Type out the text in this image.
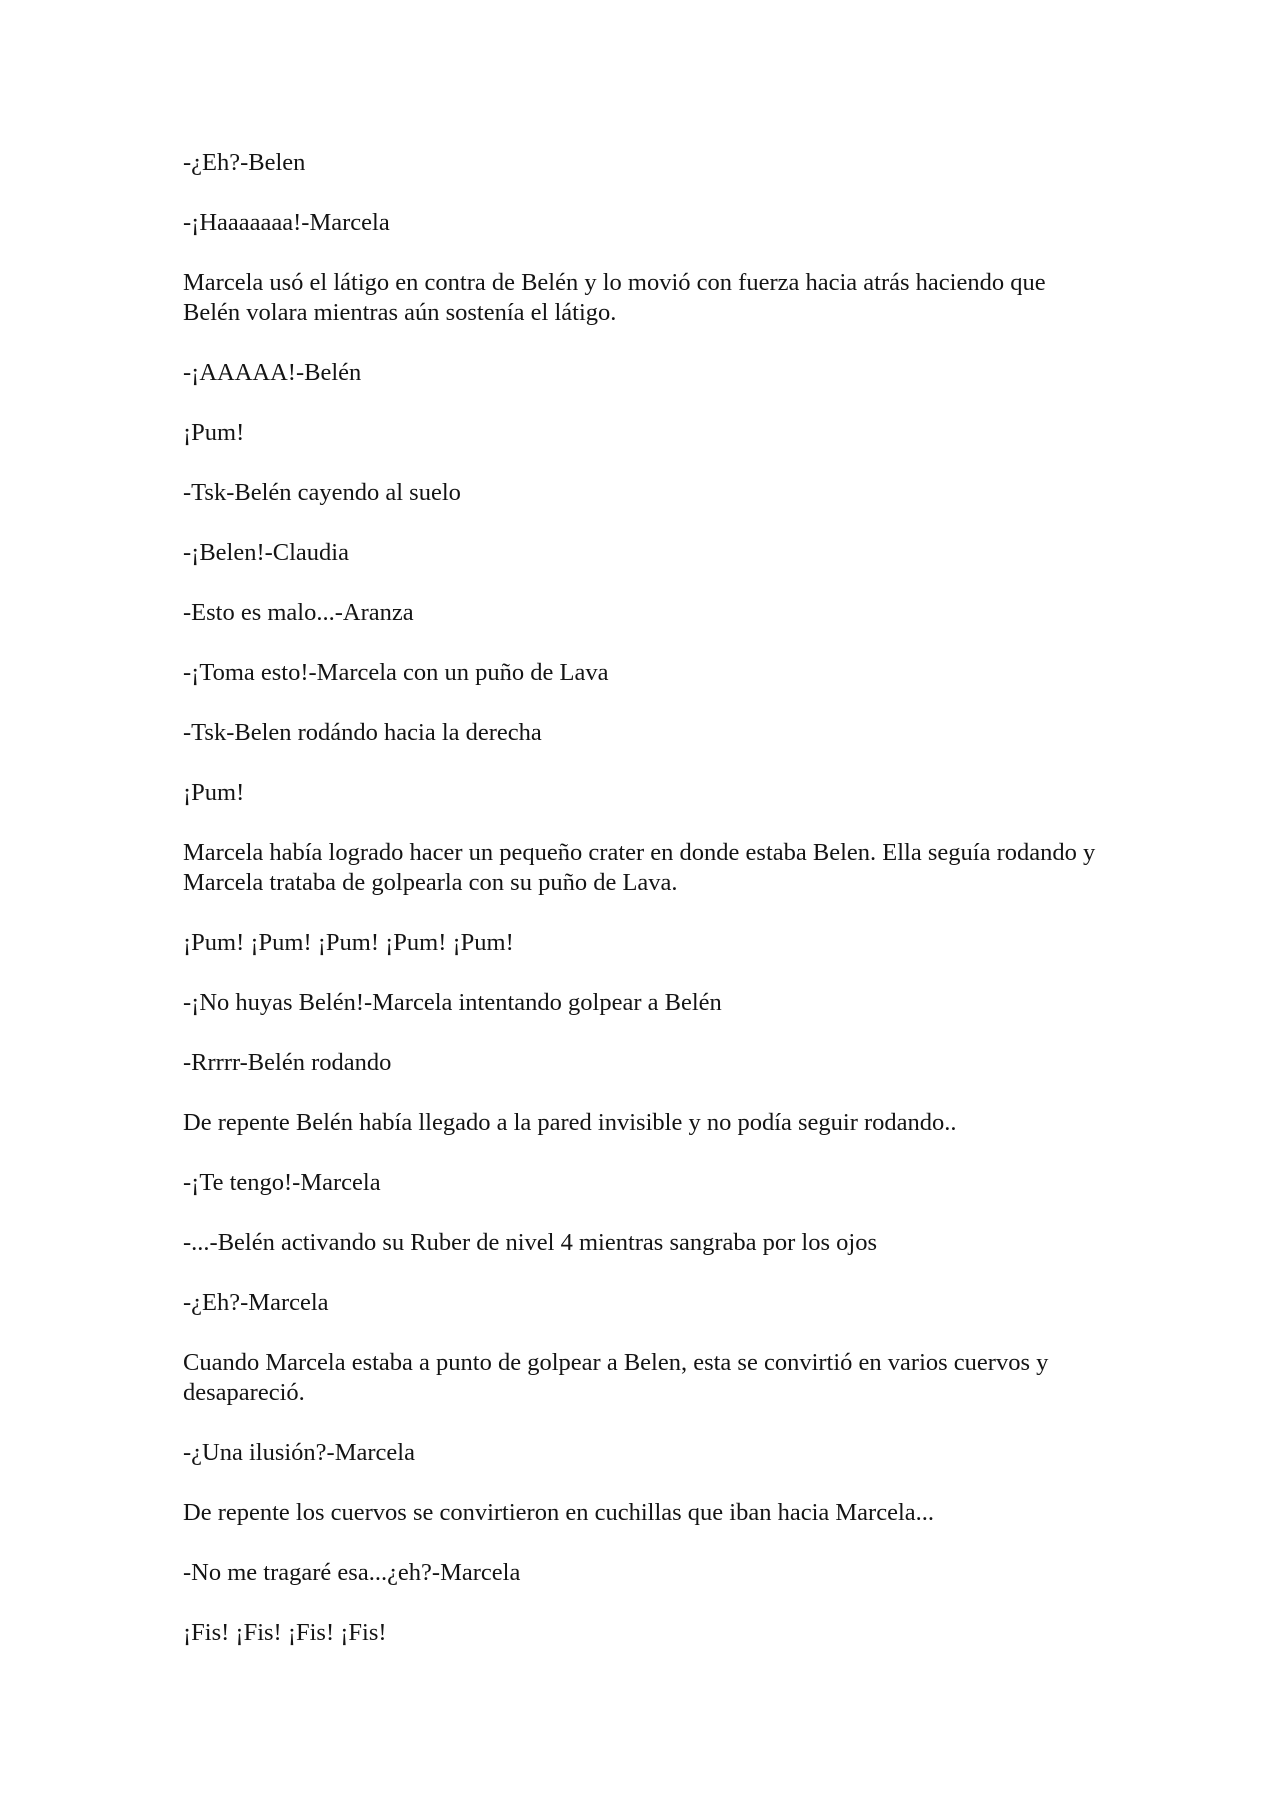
-¿Eh?-Belen

-¡Haaaaaaa!-Marcela

Marcela usó el látigo en contra de Belén y lo movió con fuerza hacia atrás haciendo que Belén volara mientras aún sostenía el látigo.

-¡AAAAA!-Belén

¡Pum!

-Tsk-Belén cayendo al suelo

-¡Belen!-Claudia

-Esto es malo...-Aranza

-¡Toma esto!-Marcela con un puño de Lava

-Tsk-Belen rodándo hacia la derecha

¡Pum!

Marcela había logrado hacer un pequeño crater en donde estaba Belen. Ella seguía rodando y Marcela trataba de golpearla con su puño de Lava.

¡Pum! ¡Pum! ¡Pum! ¡Pum! ¡Pum!

-¡No huyas Belén!-Marcela intentando golpear a Belén

-Rrrrr-Belén rodando

De repente Belén había llegado a la pared invisible y no podía seguir rodando..

-¡Te tengo!-Marcela

-...-Belén activando su Ruber de nivel 4 mientras sangraba por los ojos

-¿Eh?-Marcela

Cuando Marcela estaba a punto de golpear a Belen, esta se convirtió en varios cuervos y desapareció.

-¿Una ilusión?-Marcela

De repente los cuervos se convirtieron en cuchillas que iban hacia Marcela...

-No me tragaré esa...¿eh?-Marcela

¡Fis! ¡Fis! ¡Fis! ¡Fis!
